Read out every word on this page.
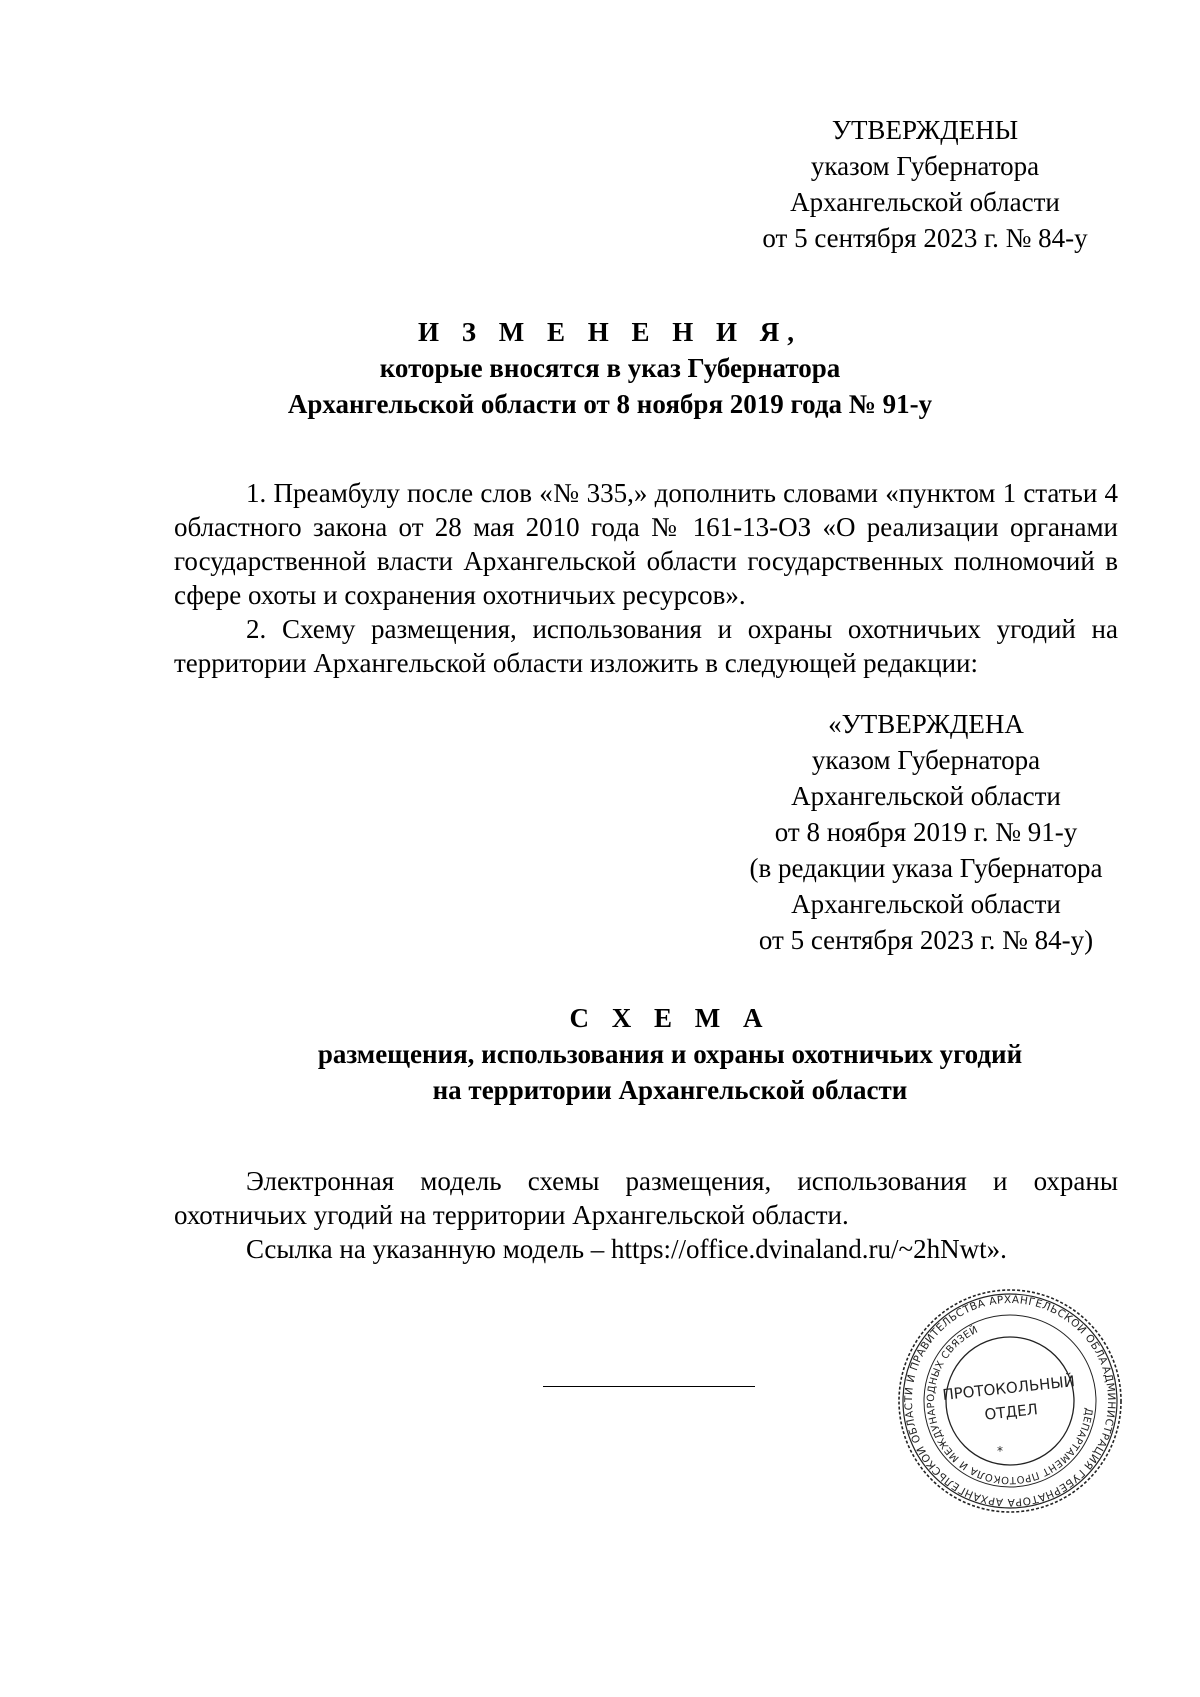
УТВЕРЖДЕНЫ
указом Губернатора
Архангельской области
от 5 сентября 2023 г. № 84-у
И З М Е Н Е Н И Я,
которые вносятся в указ Губернатора
Архангельской области от 8 ноября 2019 года № 91-у

1. Преамбулу после слов «№ 335,» дополнить словами «пунктом 1 статьи 4 областного закона от 28 мая 2010 года № 161-13-ОЗ «О реализации органами государственной власти Архангельской области государственных полномочий в сфере охоты и сохранения охотничьих ресурсов».

2. Схему размещения, использования и охраны охотничьих угодий на территории Архангельской области изложить в следующей редакции:

«УТВЕРЖДЕНА
указом Губернатора
Архангельской области
от 8 ноября 2019 г. № 91-у
(в редакции указа Губернатора
Архангельской области
от 5 сентября 2023 г. № 84-у)
С Х Е М А
размещения, использования и охраны охотничьих угодий
на территории Архангельской области

Электронная модель схемы размещения, использования и охраны охотничьих угодий на территории Архангельской области.

Ссылка на указанную модель – https://office.dvinaland.ru/~2hNwt».

АДМИНИСТРАЦИЯ ГУБЕРНАТОРА АРХАНГЕЛЬСКОЙ ОБЛАСТИ И ПРАВИТЕЛЬСТВА АРХАНГЕЛЬСКОЙ ОБЛАСТИ
ДЕПАРТАМЕНТ ПРОТОКОЛА И МЕЖДУНАРОДНЫХ СВЯЗЕЙ
ПРОТОКОЛЬНЫЙ
ОТДЕЛ
*
